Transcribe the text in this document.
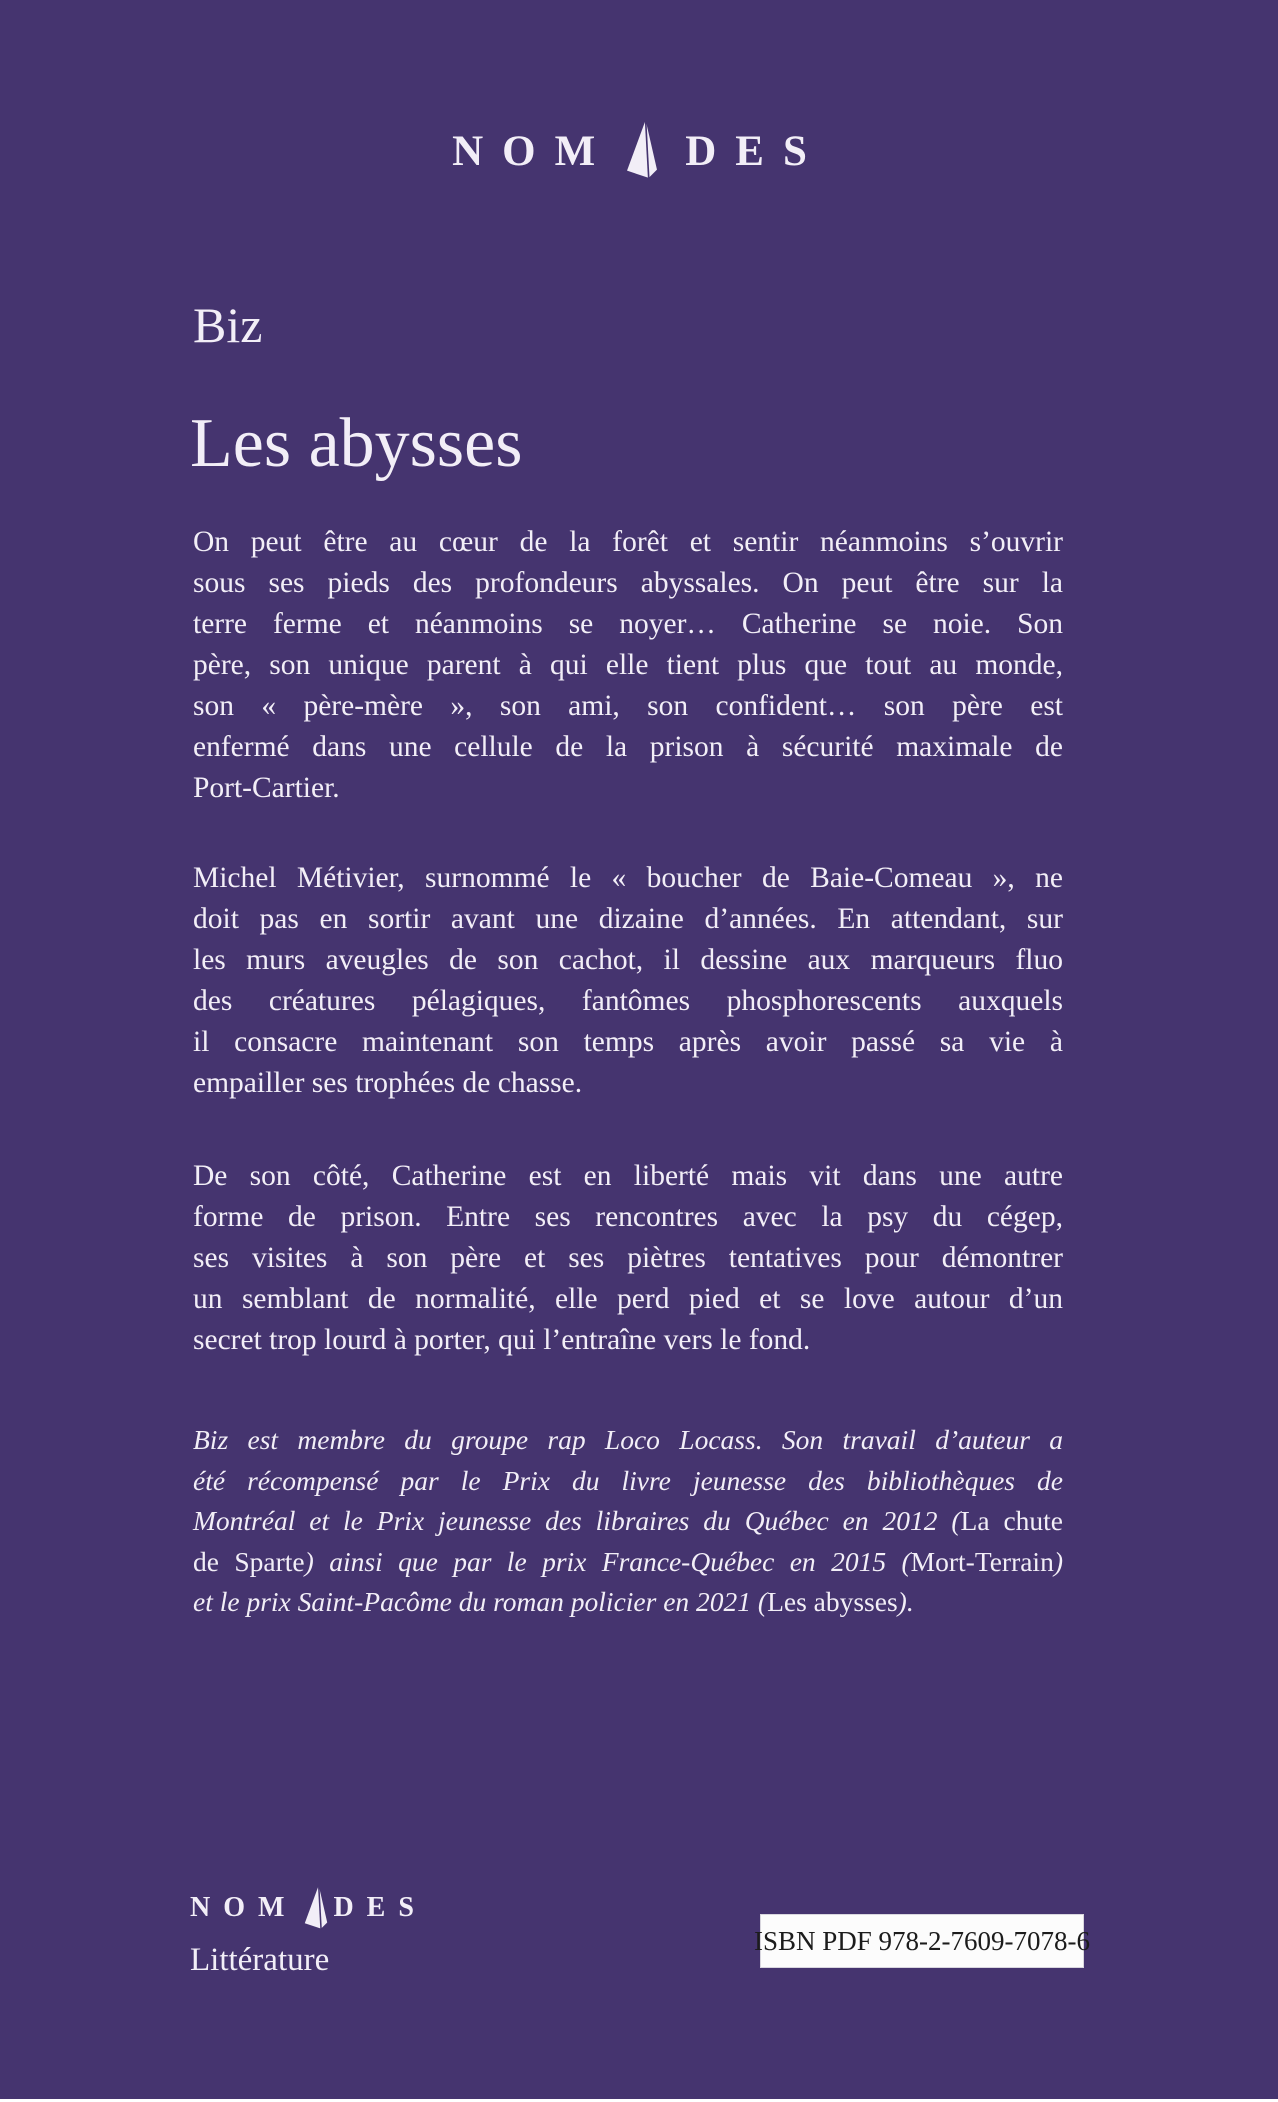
NOM	DES
Biz
Les abysses
On peut être au cœur de la forêt et sentir néanmoins s’ouvrir
sous ses pieds des profondeurs abyssales. On peut être sur la
terre ferme et néanmoins se noyer… Catherine se noie. Son
père, son unique parent à qui elle tient plus que tout au monde,
son « père-mère », son ami, son confident… son père est
enfermé dans une cellule de la prison à sécurité maximale de
Port-Cartier.
Michel Métivier, surnommé le « boucher de Baie-Comeau », ne
doit pas en sortir avant une dizaine d’années. En attendant, sur
les murs aveugles de son cachot, il dessine aux marqueurs fluo
des créatures pélagiques, fantômes phosphorescents auxquels
il consacre maintenant son temps après avoir passé sa vie à
empailler ses trophées de chasse.
De son côté, Catherine est en liberté mais vit dans une autre
forme de prison. Entre ses rencontres avec la psy du cégep,
ses visites à son père et ses piètres tentatives pour démontrer
un semblant de normalité, elle perd pied et se love autour d’un
secret trop lourd à porter, qui l’entraîne vers le fond.
Biz est membre du groupe rap Loco Locass. Son travail d’auteur a
été récompensé par le Prix du livre jeunesse des bibliothèques de
Montréal et le Prix jeunesse des libraires du Québec en 2012 (La chute
de Sparte) ainsi que par le prix France-Québec en 2015 (Mort-Terrain)
et le prix Saint-Pacôme du roman policier en 2021 (Les abysses).
NOM DES
Littérature
ISBN PDF 978-2-7609-7078-6
